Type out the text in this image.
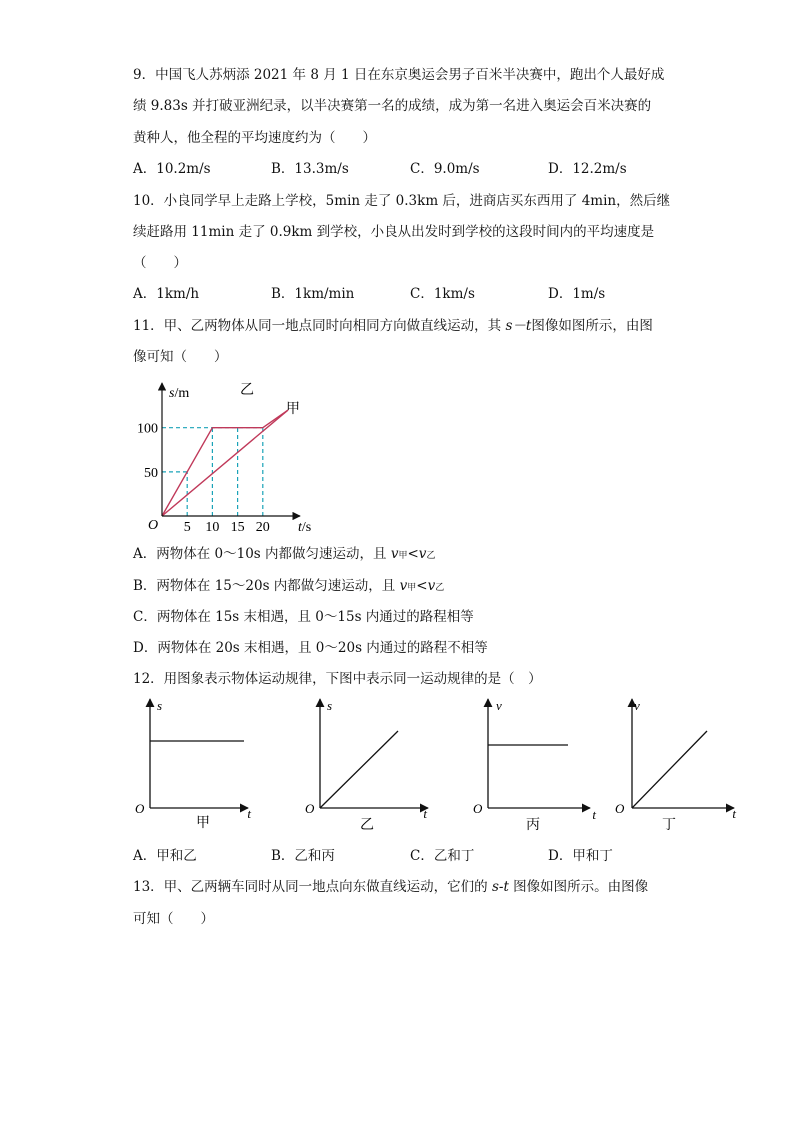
9．中国飞人苏炳添 2021 年 8 月 1 日在东京奥运会男子百米半决赛中，跑出个人最好成
绩 9.83s 并打破亚洲纪录，以半决赛第一名的成绩，成为第一名进入奥运会百米决赛的
黄种人，他全程的平均速度约为（　　）
A．10.2m/s	B．13.3m/s	C．9.0m/s	D．12.2m/s
10．小良同学早上走路上学校，5min 走了 0.3km 后，进商店买东西用了 4min，然后继
续赶路用 11min 走了 0.9km 到学校，小良从出发时到学校的这段时间内的平均速度是
（　　）
A．1km/h	B．1km/min	C．1km/s	D．1m/s
11．甲、乙两物体从同一地点同时向相同方向做直线运动，其 s－t图像如图所示，由图
像可知（　　）
5 10 15 20
50
100
O
s/m
t/s
乙
甲
A．两物体在 0～10s 内都做匀速运动，且 v甲<v乙
B．两物体在 15～20s 内都做匀速运动，且 v甲<v乙
C．两物体在 15s 末相遇，且 0～15s 内通过的路程相等
D．两物体在 20s 末相遇，且 0～20s 内通过的路程不相等
12．用图象表示物体运动规律，下图中表示同一运动规律的是（　）
s
t
O
甲
s
t
O
乙
v
t
O
丙
v
t
O
丁
A．甲和乙	B．乙和丙	C．乙和丁	D．甲和丁
13．甲、乙两辆车同时从同一地点向东做直线运动，它们的 s-t 图像如图所示。由图像
可知（　　）
